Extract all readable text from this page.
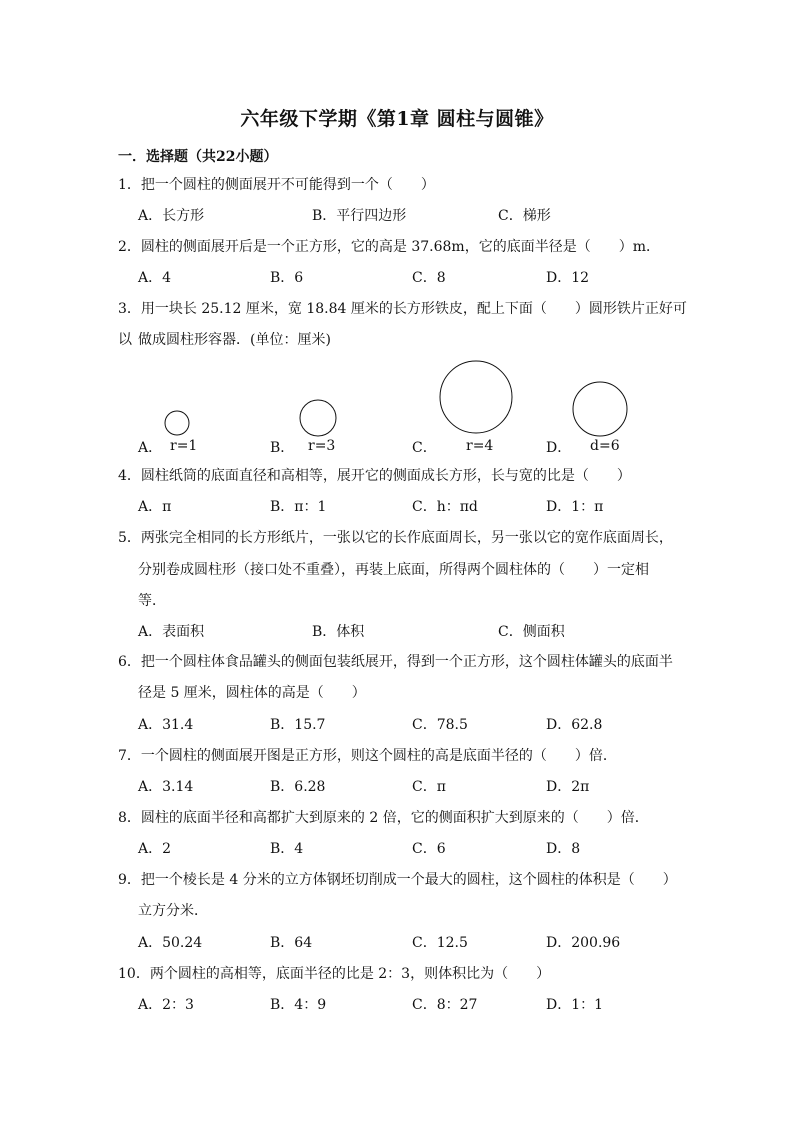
六年级下学期《第1章 圆柱与圆锥》
一．选择题（共22小题）
1．把一个圆柱的侧面展开不可能得到一个（　　）
A．长方形	B．平行四边形	C．梯形
2．圆柱的侧面展开后是一个正方形，它的高是 37.68m，它的底面半径是（　　）m．
A．4	B．6	C．8	D．12
3．用一块长 25.12 厘米，宽 18.84 厘米的长方形铁皮，配上下面（　　）圆形铁片正好可以 做成圆柱形容器．(单位：厘米)
A． r=1	B． r=3	C． r=4	D． d=6
4．圆柱纸筒的底面直径和高相等，展开它的侧面成长方形，长与宽的比是（　　）
A．π	B．π：1	C．h：πd	D．1：π
5．两张完全相同的长方形纸片，一张以它的长作底面周长，另一张以它的宽作底面周长，
分别卷成圆柱形（接口处不重叠），再装上底面，所得两个圆柱体的（　　）一定相
等．
A．表面积	B．体积	C．侧面积
6．把一个圆柱体食品罐头的侧面包装纸展开，得到一个正方形，这个圆柱体罐头的底面半
径是 5 厘米，圆柱体的高是（　　）
A．31.4	B．15.7	C．78.5	D．62.8
7．一个圆柱的侧面展开图是正方形，则这个圆柱的高是底面半径的（　　）倍．
A．3.14	B．6.28	C．π	D．2π
8．圆柱的底面半径和高都扩大到原来的 2 倍，它的侧面积扩大到原来的（　　）倍．
A．2	B．4	C．6	D．8
9．把一个棱长是 4 分米的立方体钢坯切削成一个最大的圆柱，这个圆柱的体积是（　　）
立方分米．
A．50.24	B．64	C．12.5	D．200.96
10．两个圆柱的高相等，底面半径的比是 2：3，则体积比为（　　）
A．2：3	B．4：9	C．8：27	D．1：1
